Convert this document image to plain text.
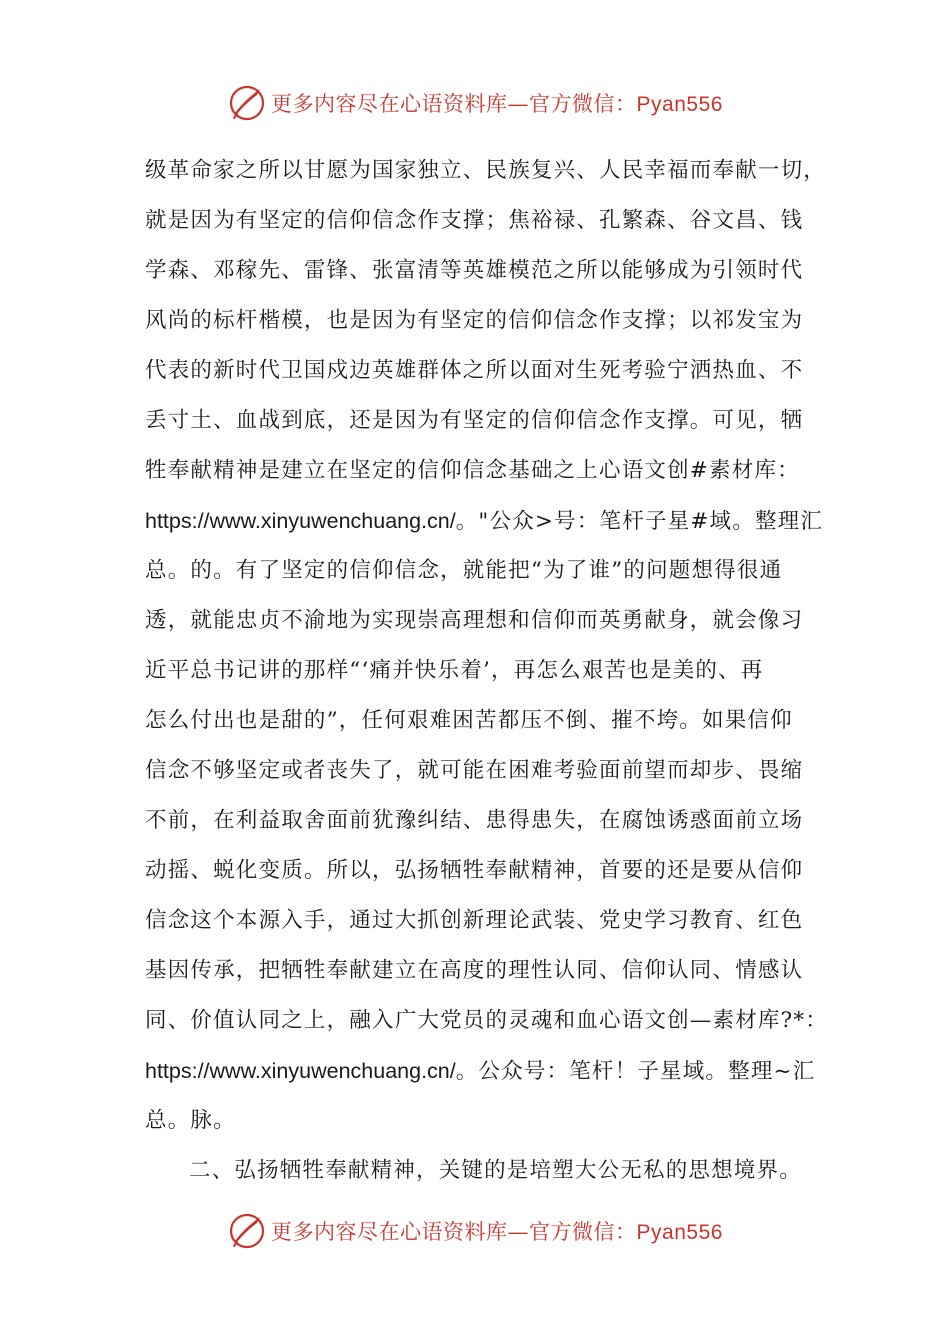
更多内容尽在心语资料库—官方微信：Pyan556
级革命家之所以甘愿为国家独立、民族复兴、人民幸福而奉献一切，
就是因为有坚定的信仰信念作支撑；焦裕禄、孔繁森、谷文昌、钱
学森、邓稼先、雷锋、张富清等英雄模范之所以能够成为引领时代
风尚的标杆楷模，也是因为有坚定的信仰信念作支撑；以祁发宝为
代表的新时代卫国戍边英雄群体之所以面对生死考验宁洒热血、不
丢寸土、血战到底，还是因为有坚定的信仰信念作支撑。可见，牺
牲奉献精神是建立在坚定的信仰信念基础之上心语文创#素材库：
https://www.xinyuwenchuang.cn/。"公众>号：笔杆子星#域。整理汇
总。的。有了坚定的信仰信念，就能把“为了谁”的问题想得很通
透，就能忠贞不渝地为实现崇高理想和信仰而英勇献身，就会像习
近平总书记讲的那样“‘痛并快乐着’，再怎么艰苦也是美的、再
怎么付出也是甜的”，任何艰难困苦都压不倒、摧不垮。如果信仰
信念不够坚定或者丧失了，就可能在困难考验面前望而却步、畏缩
不前，在利益取舍面前犹豫纠结、患得患失，在腐蚀诱惑面前立场
动摇、蜕化变质。所以，弘扬牺牲奉献精神，首要的还是要从信仰
信念这个本源入手，通过大抓创新理论武装、党史学习教育、红色
基因传承，把牺牲奉献建立在高度的理性认同、信仰认同、情感认
同、价值认同之上，融入广大党员的灵魂和血心语文创—素材库?*：
https://www.xinyuwenchuang.cn/。公众号：笔杆！子星域。整理~汇
总。脉。
二、弘扬牺牲奉献精神，关键的是培塑大公无私的思想境界。
更多内容尽在心语资料库—官方微信：Pyan556
